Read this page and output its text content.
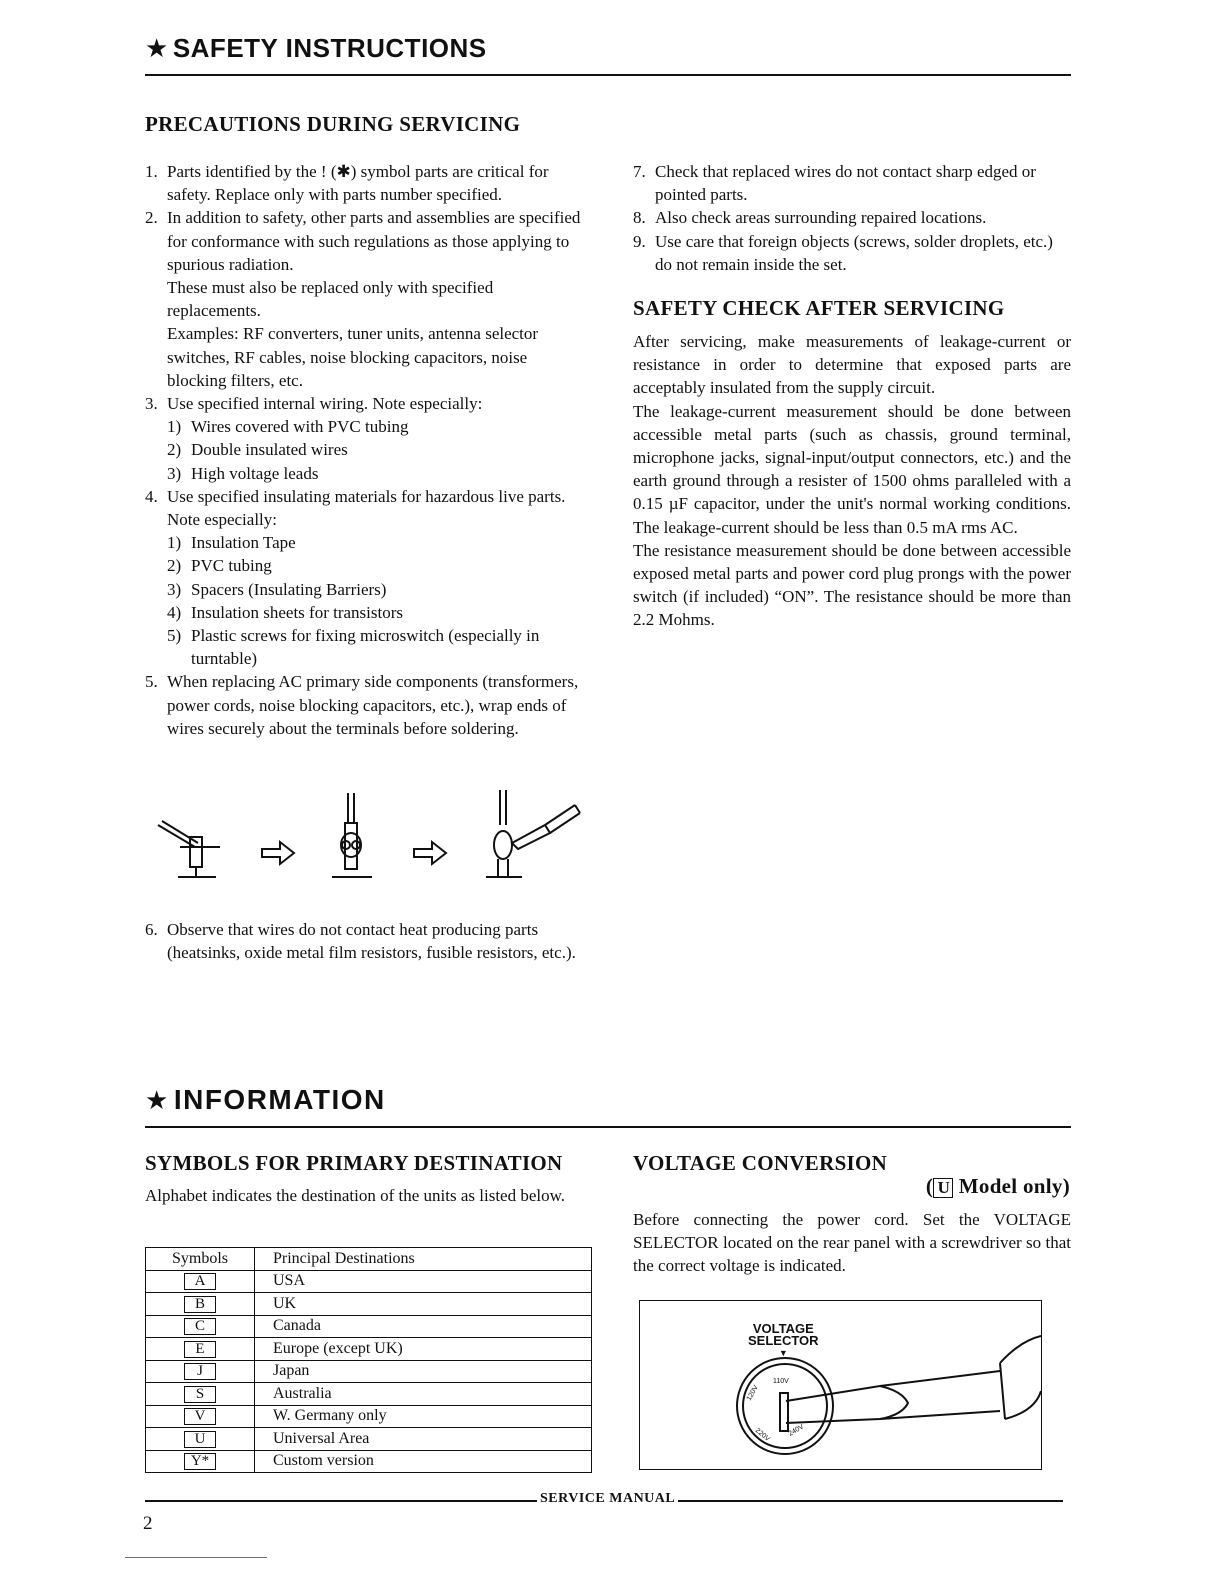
★ SAFETY INSTRUCTIONS
PRECAUTIONS DURING SERVICING
1. Parts identified by the ! (✱) symbol parts are critical for safety. Replace only with parts number specified.
2. In addition to safety, other parts and assemblies are specified for conformance with such regulations as those applying to spurious radiation.
These must also be replaced only with specified replacements.
Examples: RF converters, tuner units, antenna selector switches, RF cables, noise blocking capacitors, noise blocking filters, etc.
3. Use specified internal wiring. Note especially:
1) Wires covered with PVC tubing
2) Double insulated wires
3) High voltage leads
4. Use specified insulating materials for hazardous live parts. Note especially:
1) Insulation Tape
2) PVC tubing
3) Spacers (Insulating Barriers)
4) Insulation sheets for transistors
5) Plastic screws for fixing microswitch (especially in turntable)
5. When replacing AC primary side components (transformers, power cords, noise blocking capacitors, etc.), wrap ends of wires securely about the terminals before soldering.
6. Observe that wires do not contact heat producing parts (heatsinks, oxide metal film resistors, fusible resistors, etc.).
7. Check that replaced wires do not contact sharp edged or pointed parts.
8. Also check areas surrounding repaired locations.
9. Use care that foreign objects (screws, solder droplets, etc.) do not remain inside the set.
SAFETY CHECK AFTER SERVICING
After servicing, make measurements of leakage-current or resistance in order to determine that exposed parts are acceptably insulated from the supply circuit.
The leakage-current measurement should be done between accessible metal parts (such as chassis, ground terminal, microphone jacks, signal-input/output connectors, etc.) and the earth ground through a resister of 1500 ohms paralleled with a 0.15 µF capacitor, under the unit's normal working conditions. The leakage-current should be less than 0.5 mA rms AC.
The resistance measurement should be done between accessible exposed metal parts and power cord plug prongs with the power switch (if included) “ON”. The resistance should be more than 2.2 Mohms.
★ INFORMATION
SYMBOLS FOR PRIMARY DESTINATION
Alphabet indicates the destination of the units as listed below.
Symbols	Principal Destinations
A	USA
B	UK
C	Canada
E	Europe (except UK)
J	Japan
S	Australia
V	W. Germany only
U	Universal Area
Y*	Custom version
VOLTAGE CONVERSION
( U Model only)
Before connecting the power cord. Set the VOLTAGE SELECTOR located on the rear panel with a screwdriver so that the correct voltage is indicated.
VOLTAGE
SELECTOR
▼
110V
120V
220V 240V
SERVICE MANUAL
2
